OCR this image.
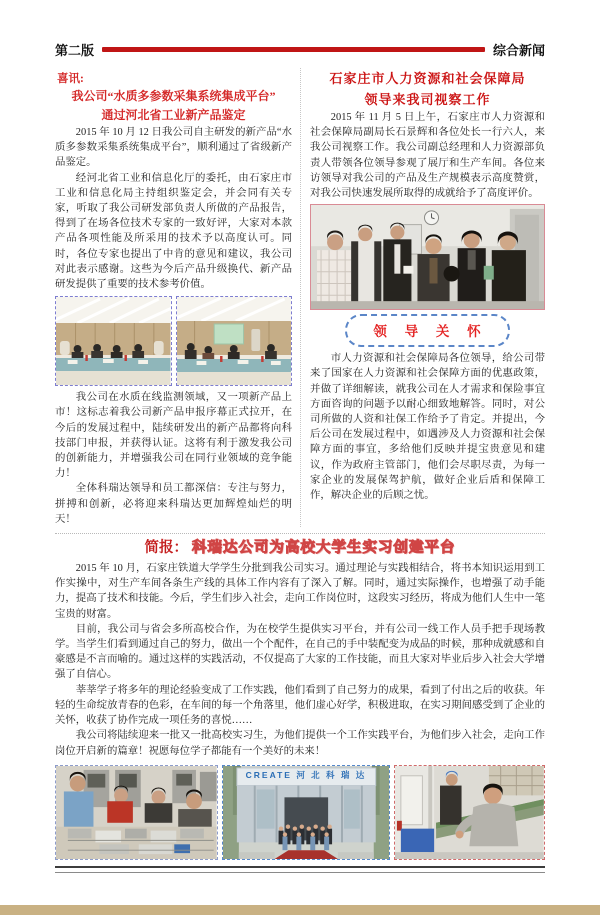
第二版	综合新闻
喜讯:
我公司“水质多参数采集系统集成平台”
通过河北省工业新产品鉴定

2015 年 10 月 12 日我公司自主研发的新产品“水质多参数采集系统集成平台”，顺利通过了省级新产品鉴定。

经河北省工业和信息化厅的委托，由石家庄市工业和信息化局主持组织鉴定会，并会同有关专家，听取了我公司研发部负责人所做的产品报告，得到了在场各位技术专家的一致好评，大家对本款产品各项性能及所采用的技术予以高度认可。同时，各位专家也提出了中肯的意见和建议，我公司对此表示感谢。这些为今后产品升级换代、新产品研发提供了重要的技术参考价值。

我公司在水质在线监测领域，又一项新产品上市！这标志着我公司新产品申报序幕正式拉开，在今后的发展过程中，陆续研发出的新产品都将向科技部门申报，并获得认证。这将有利于激发我公司的创新能力，并增强我公司在同行业领域的竞争能力！

全体科瑞达领导和员工都深信：专注与努力，拼搏和创新，必将迎来科瑞达更加辉煌灿烂的明天！

石家庄市人力资源和社会保障局
领导来我司视察工作

2015 年 11 月 5 日上午，石家庄市人力资源和社会保障局副局长石景辉和各位处长一行六人，来我公司视察工作。我公司副总经理和人力资源部负责人带领各位领导参观了展厅和生产车间。各位来访领导对我公司的产品及生产规模表示高度赞赏，对我公司快速发展所取得的成就给予了高度评价。

领 导 关 怀

市人力资源和社会保障局各位领导，给公司带来了国家在人力资源和社会保障方面的优惠政策，并做了详细解读，就我公司在人才需求和保险事宜方面咨询的问题予以耐心细致地解答。同时，对公司所做的人资和社保工作给予了肯定。并提出，今后公司在发展过程中，如遇涉及人力资源和社会保障方面的事宜，多给他们反映并提宝贵意见和建议，作为政府主管部门，他们会尽职尽责，为每一家企业的发展保驾护航，做好企业后盾和保障工作，解决企业的后顾之忧。

简报： 科瑞达公司为高校大学生实习创建平台

2015 年 10 月，石家庄铁道大学学生分批到我公司实习。通过理论与实践相结合，将书本知识运用到工作实操中，对生产车间各条生产线的具体工作内容有了深入了解。同时，通过实际操作，也增强了动手能力，提高了技术和技能。今后，学生们步入社会，走向工作岗位时，这段实习经历，将成为他们人生中一笔宝贵的财富。

目前，我公司与省会多所高校合作，为在校学生提供实习平台，并有公司一线工作人员手把手现场教学。当学生们看到通过自己的努力，做出一个个配件，在自己的手中装配变为成品的时候，那种成就感和自豪感是不言而喻的。通过这样的实践活动，不仅提高了大家的工作技能，而且大家对毕业后步入社会大学增强了自信心。

莘莘学子将多年的理论经验变成了工作实践，他们看到了自己努力的成果，看到了付出之后的收获。年轻的生命绽放青春的色彩，在车间的每一个角落里，他们虚心好学，积极进取，在实习期间感受到了企业的关怀，收获了协作完成一项任务的喜悦……

我公司将陆续迎来一批又一批高校实习生，为他们提供一个工作实践平台，为他们步入社会，走向工作岗位开启新的篇章！祝愿每位学子都能有一个美好的未来！

CREATE 河 北 科 瑞 达
